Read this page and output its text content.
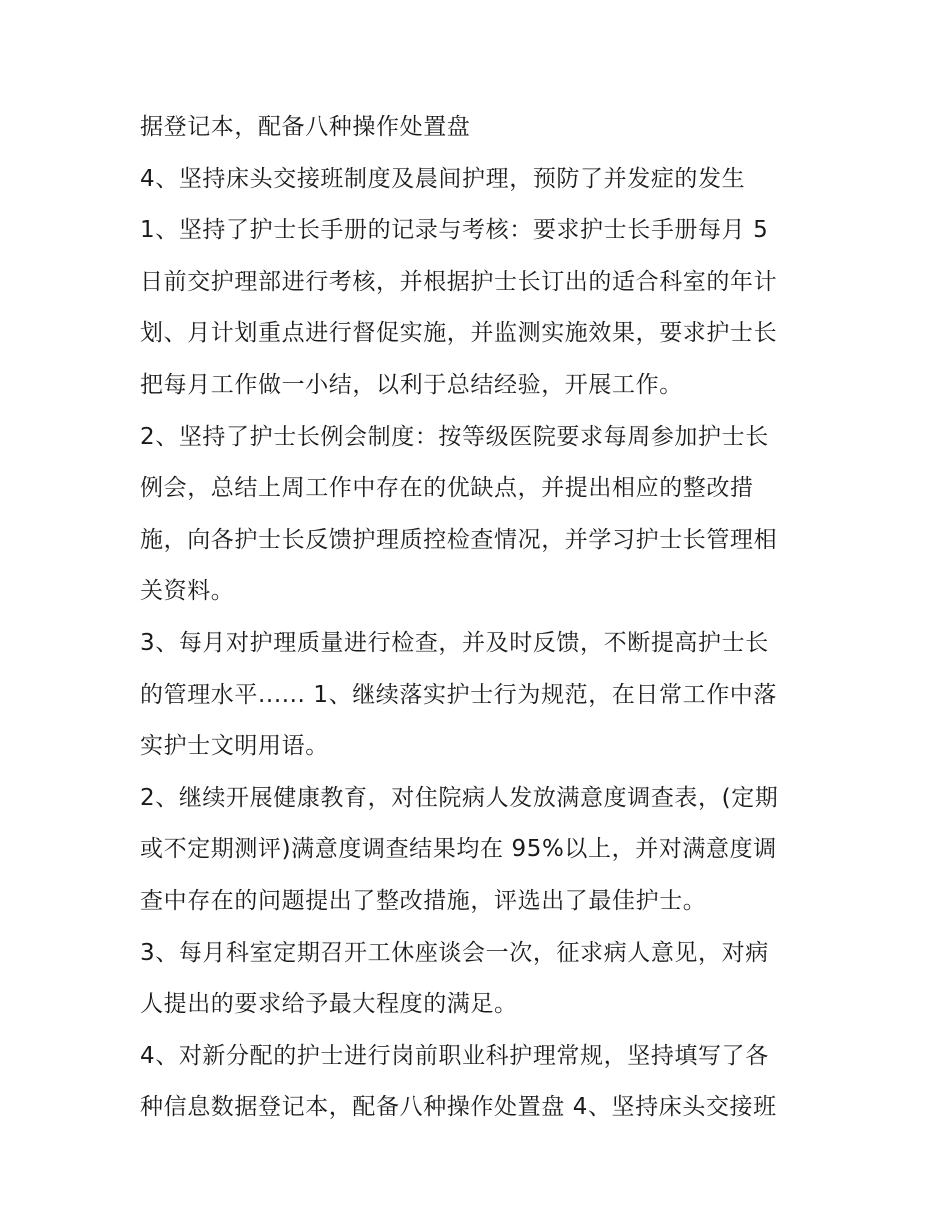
据登记本，配备八种操作处置盘
4、坚持床头交接班制度及晨间护理，预防了并发症的发生
1、坚持了护士长手册的记录与考核：要求护士长手册每月 5
日前交护理部进行考核，并根据护士长订出的适合科室的年计
划、月计划重点进行督促实施，并监测实施效果，要求护士长
把每月工作做一小结，以利于总结经验，开展工作。
2、坚持了护士长例会制度：按等级医院要求每周参加护士长
例会，总结上周工作中存在的优缺点，并提出相应的整改措
施，向各护士长反馈护理质控检查情况，并学习护士长管理相
关资料。
3、每月对护理质量进行检查，并及时反馈，不断提高护士长
的管理水平...... 1、继续落实护士行为规范，在日常工作中落
实护士文明用语。
2、继续开展健康教育，对住院病人发放满意度调查表，(定期
或不定期测评)满意度调查结果均在 95%以上，并对满意度调
查中存在的问题提出了整改措施，评选出了最佳护士。
3、每月科室定期召开工休座谈会一次，征求病人意见，对病
人提出的要求给予最大程度的满足。
4、对新分配的护士进行岗前职业科护理常规，坚持填写了各
种信息数据登记本，配备八种操作处置盘 4、坚持床头交接班
